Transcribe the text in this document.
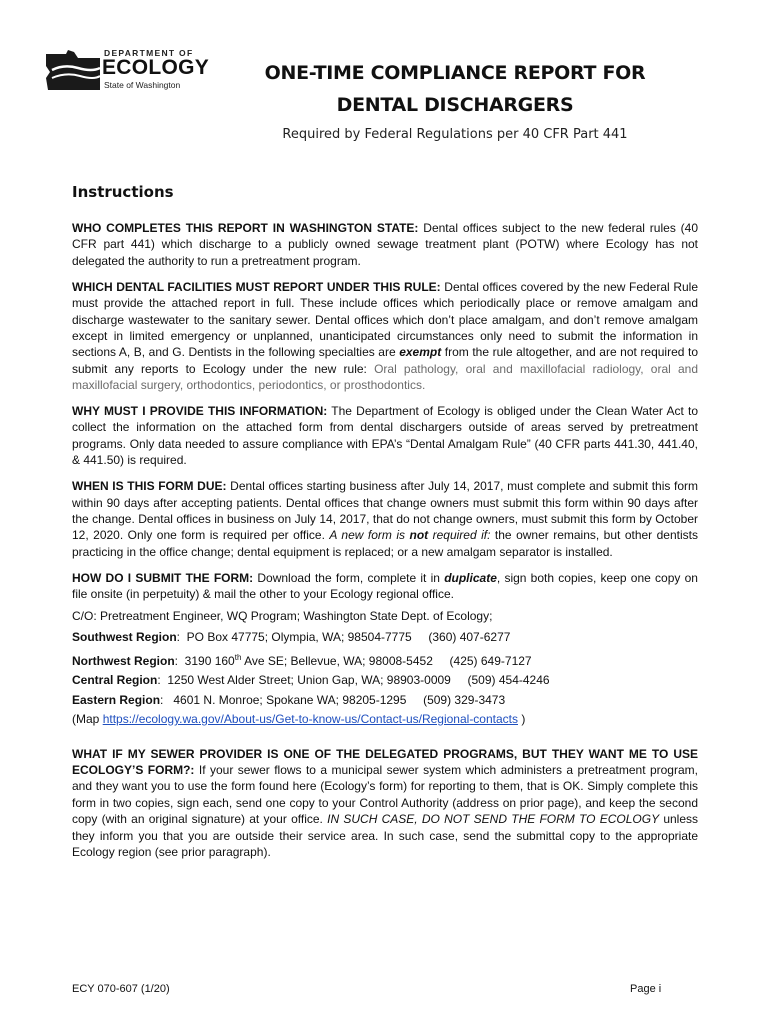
DEPARTMENT OF
ECOLOGY
State of Washington
ONE-TIME COMPLIANCE REPORT FOR
DENTAL DISCHARGERS
Required by Federal Regulations per 40 CFR Part 441
Instructions

WHO COMPLETES THIS REPORT IN WASHINGTON STATE: Dental offices subject to the new federal rules (40 CFR part 441) which discharge to a publicly owned sewage treatment plant (POTW) where Ecology has not delegated the authority to run a pretreatment program.

WHICH DENTAL FACILITIES MUST REPORT UNDER THIS RULE: Dental offices covered by the new Federal Rule must provide the attached report in full. These include offices which periodically place or remove amalgam and discharge wastewater to the sanitary sewer. Dental offices which don’t place amalgam, and don’t remove amalgam except in limited emergency or unplanned, unanticipated circumstances only need to submit the information in sections A, B, and G. Dentists in the following specialties are exempt from the rule altogether, and are not required to submit any reports to Ecology under the new rule: Oral pathology, oral and maxillofacial radiology, oral and maxillofacial surgery, orthodontics, periodontics, or prosthodontics.

WHY MUST I PROVIDE THIS INFORMATION: The Department of Ecology is obliged under the Clean Water Act to collect the information on the attached form from dental dischargers outside of areas served by pretreatment programs. Only data needed to assure compliance with EPA’s “Dental Amalgam Rule” (40 CFR parts 441.30, 441.40, & 441.50) is required.

WHEN IS THIS FORM DUE: Dental offices starting business after July 14, 2017, must complete and submit this form within 90 days after accepting patients. Dental offices that change owners must submit this form within 90 days after the change. Dental offices in business on July 14, 2017, that do not change owners, must submit this form by October 12, 2020. Only one form is required per office. A new form is not required if: the owner remains, but other dentists practicing in the office change; dental equipment is replaced; or a new amalgam separator is installed.

HOW DO I SUBMIT THE FORM: Download the form, complete it in duplicate, sign both copies, keep one copy on file onsite (in perpetuity) & mail the other to your Ecology regional office.

C/O: Pretreatment Engineer, WQ Program; Washington State Dept. of Ecology;
Southwest Region:  PO Box 47775; Olympia, WA; 98504-7775     (360) 407-6277
Northwest Region:  3190 160th Ave SE; Bellevue, WA; 98008-5452     (425) 649-7127
Central Region:  1250 West Alder Street; Union Gap, WA; 98903-0009     (509) 454-4246
Eastern Region:   4601 N. Monroe; Spokane WA; 98205-1295     (509) 329-3473
(Map https://ecology.wa.gov/About-us/Get-to-know-us/Contact-us/Regional-contacts )

WHAT IF MY SEWER PROVIDER IS ONE OF THE DELEGATED PROGRAMS, BUT THEY WANT ME TO USE ECOLOGY’S FORM?: If your sewer flows to a municipal sewer system which administers a pretreatment program, and they want you to use the form found here (Ecology’s form) for reporting to them, that is OK. Simply complete this form in two copies, sign each, send one copy to your Control Authority (address on prior page), and keep the second copy (with an original signature) at your office. IN SUCH CASE, DO NOT SEND THE FORM TO ECOLOGY unless they inform you that you are outside their service area. In such case, send the submittal copy to the appropriate Ecology region (see prior paragraph).

ECY 070-607 (1/20)	Page i
